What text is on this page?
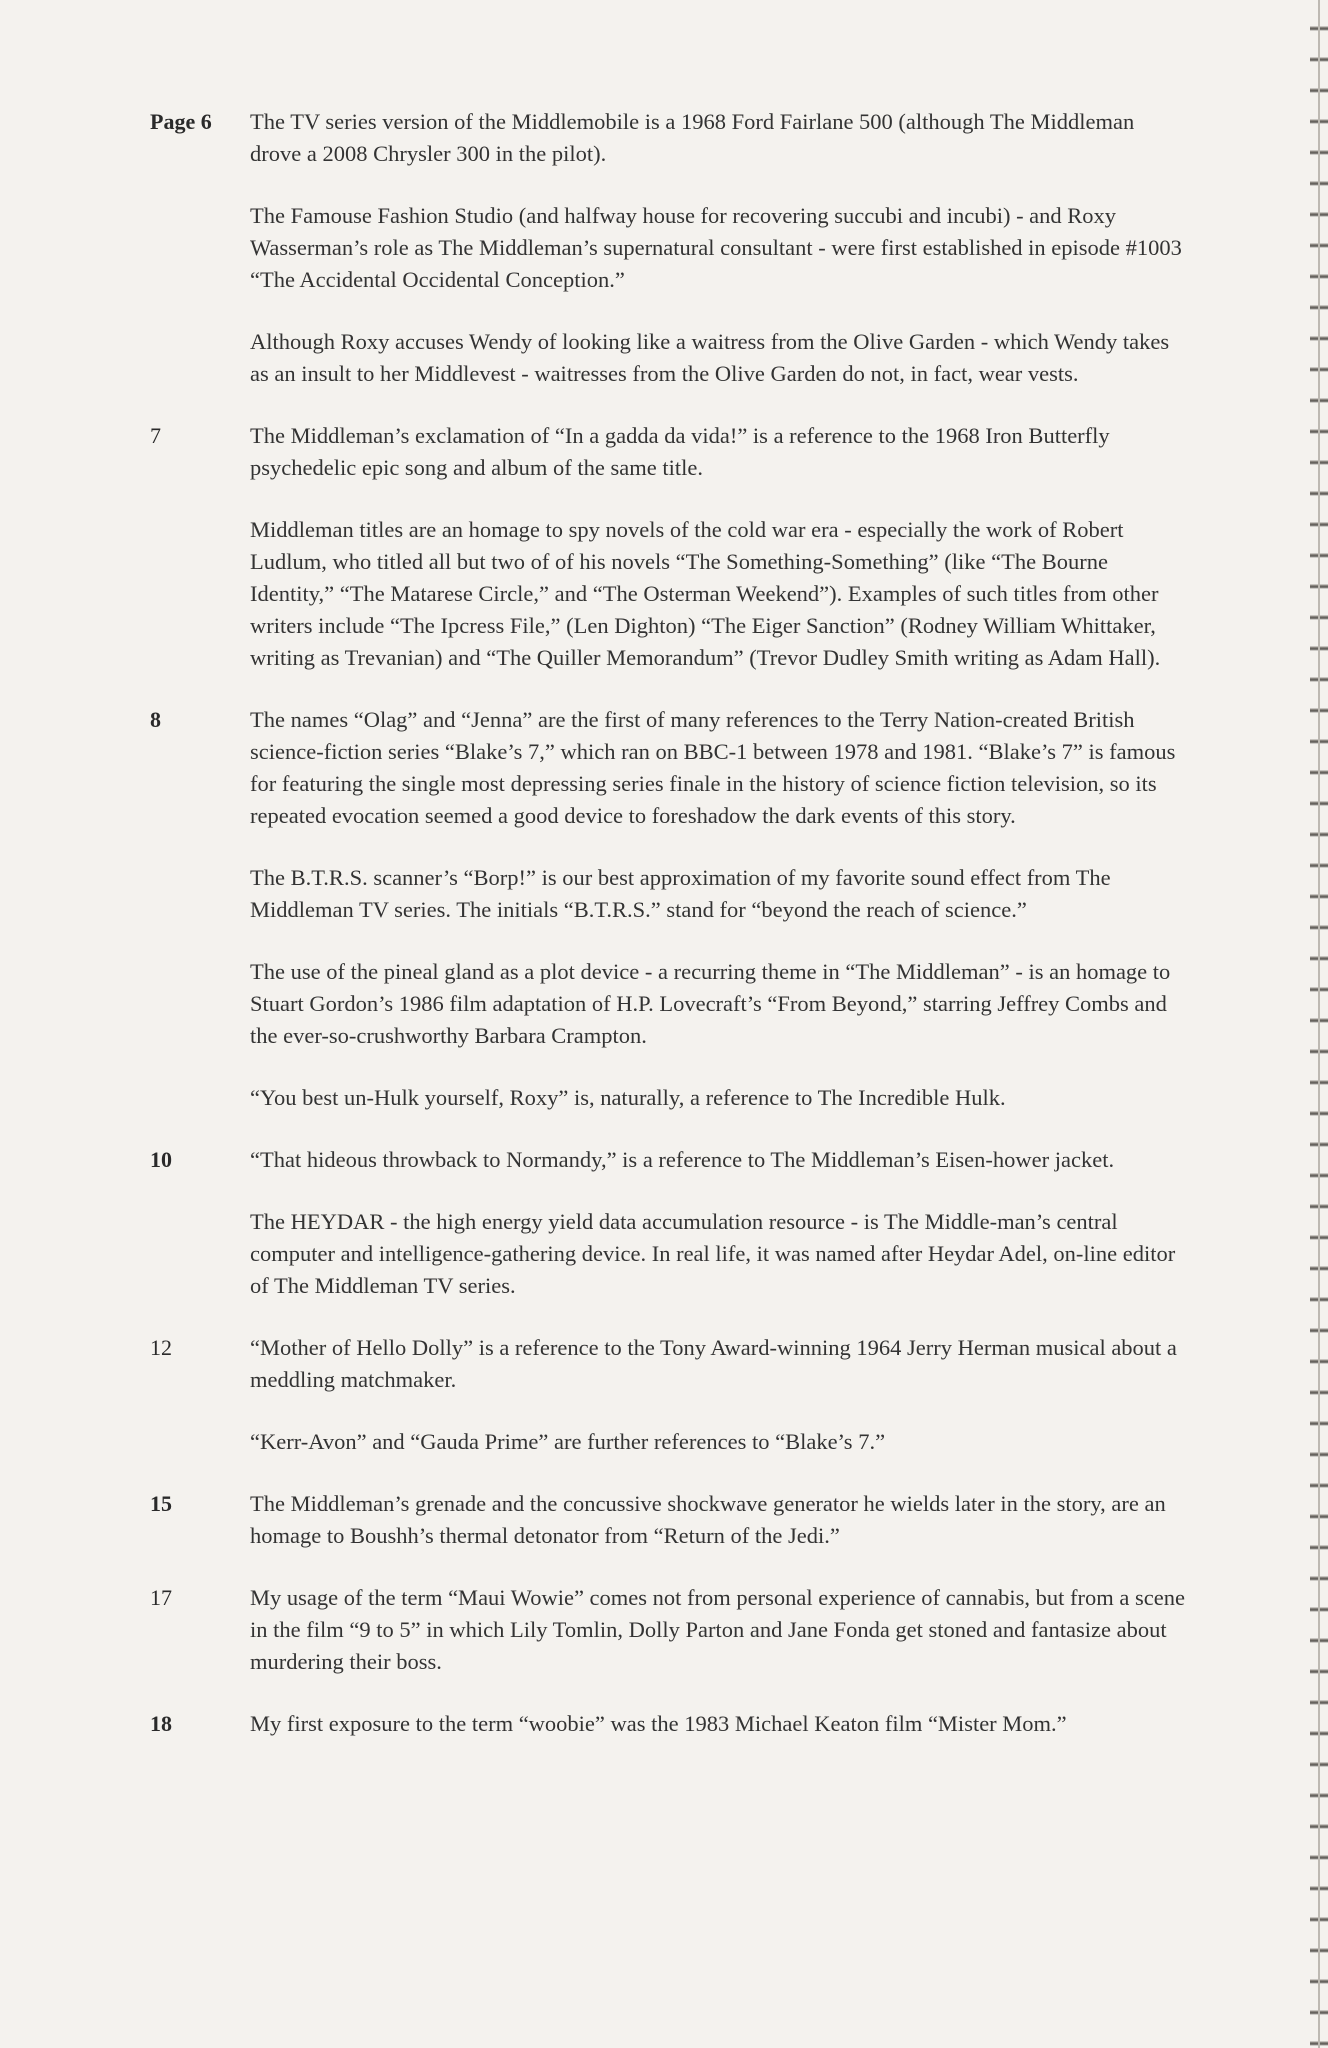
Page 6	The TV series version of the Middlemobile is a 1968 Ford Fairlane 500 (although The Middleman drove a 2008 Chrysler 300 in the pilot).

The Famouse Fashion Studio (and halfway house for recovering succubi and incubi) - and Roxy Wasserman’s role as The Middleman’s supernatural consultant - were first established in episode #1003 “The Accidental Occidental Conception.”

Although Roxy accuses Wendy of looking like a waitress from the Olive Garden - which Wendy takes as an insult to her Middlevest - waitresses from the Olive Garden do not, in fact, wear vests.

7	The Middleman’s exclamation of “In a gadda da vida!” is a reference to the 1968 Iron Butterfly psychedelic epic song and album of the same title.

Middleman titles are an homage to spy novels of the cold war era - especially the work of Robert Ludlum, who titled all but two of of his novels “The Something-Something” (like “The Bourne Identity,” “The Matarese Circle,” and “The Osterman Weekend”). Examples of such titles from other writers include “The Ipcress File,” (Len Dighton) “The Eiger Sanction” (Rodney William Whittaker, writing as Trevanian) and “The Quiller Memorandum” (Trevor Dudley Smith writing as Adam Hall).

8	The names “Olag” and “Jenna” are the first of many references to the Terry Nation-created British science-fiction series “Blake’s 7,” which ran on BBC-1 between 1978 and 1981. “Blake’s 7” is famous for featuring the single most depressing series finale in the history of science fiction television, so its repeated evocation seemed a good device to foreshadow the dark events of this story.

The B.T.R.S. scanner’s “Borp!” is our best approximation of my favorite sound effect from The Middleman TV series. The initials “B.T.R.S.” stand for “beyond the reach of science.”

The use of the pineal gland as a plot device - a recurring theme in “The Middleman” - is an homage to Stuart Gordon’s 1986 film adaptation of H.P. Lovecraft’s “From Beyond,” starring Jeffrey Combs and the ever-so-crushworthy Barbara Crampton.

“You best un-Hulk yourself, Roxy” is, naturally, a reference to The Incredible Hulk.

10	“That hideous throwback to Normandy,” is a reference to The Middleman’s Eisen-hower jacket.

The HEYDAR - the high energy yield data accumulation resource - is The Middle-man’s central computer and intelligence-gathering device. In real life, it was named after Heydar Adel, on-line editor of The Middleman TV series.

12	“Mother of Hello Dolly” is a reference to the Tony Award-winning 1964 Jerry Herman musical about a meddling matchmaker.

“Kerr-Avon” and “Gauda Prime” are further references to “Blake’s 7.”

15	The Middleman’s grenade and the concussive shockwave generator he wields later in the story, are an homage to Boushh’s thermal detonator from “Return of the Jedi.”

17	My usage of the term “Maui Wowie” comes not from personal experience of cannabis, but from a scene in the film “9 to 5” in which Lily Tomlin, Dolly Parton and Jane Fonda get stoned and fantasize about murdering their boss.

18	My first exposure to the term “woobie” was the 1983 Michael Keaton film “Mister Mom.”
